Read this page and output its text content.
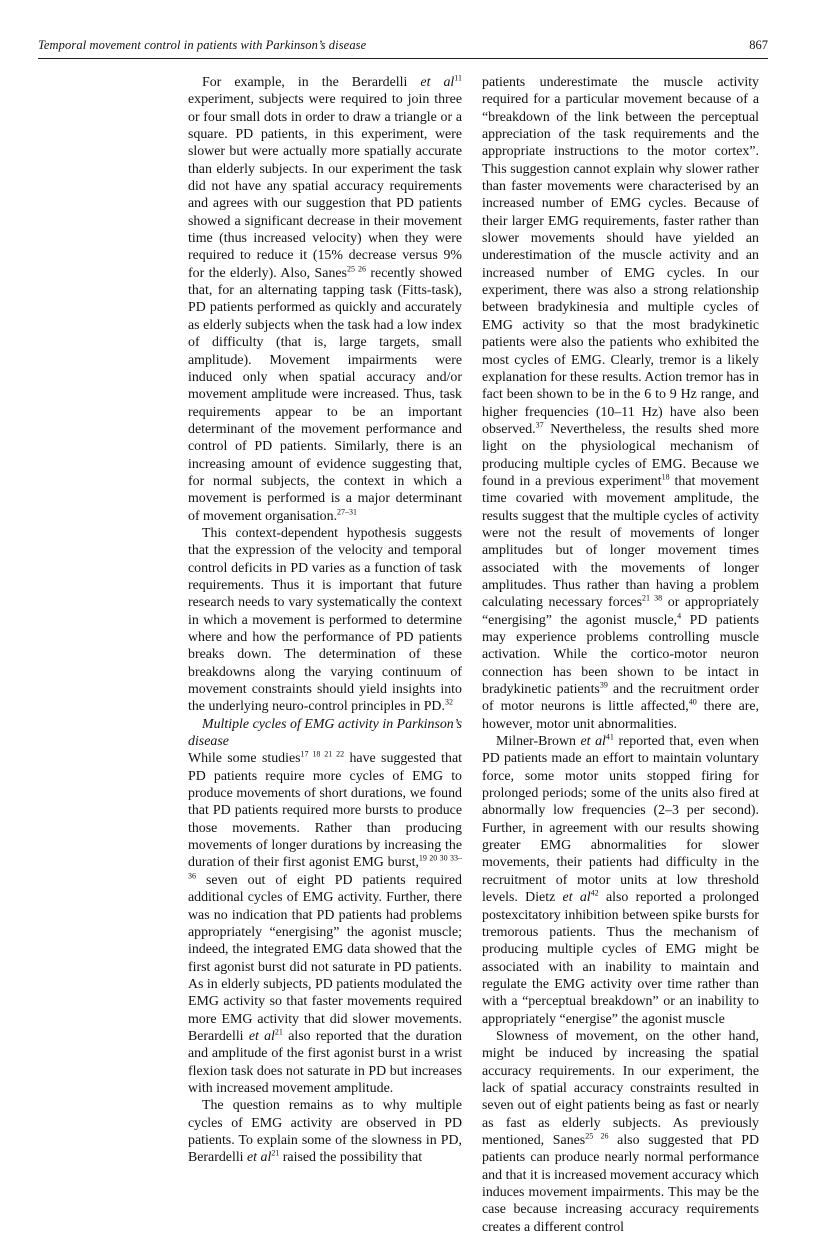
Temporal movement control in patients with Parkinson’s disease	867

For example, in the Berardelli et $al^{11}$ experiment, subjects were required to join three or four small dots in order to draw a triangle or a square. PD patients, in this experiment, were slower but were actually more spatially accurate than elderly subjects. In our experiment the task did not have any spatial accuracy requirements and agrees with our suggestion that PD patients showed a significant decrease in their movement time (thus increased velocity) when they were required to reduce it (15% decrease versus 9% for the elderly). Also, Sanes$^{25 26}$ recently showed that, for an alternating tapping task (Fitts-task), PD patients performed as quickly and accurately as elderly subjects when the task had a low index of difficulty (that is, large targets, small amplitude). Movement impairments were induced only when spatial accuracy and/or movement amplitude were increased. Thus, task requirements appear to be an important determinant of the movement performance and control of PD patients. Similarly, there is an increasing amount of evidence suggesting that, for normal subjects, the context in which a movement is performed is a major determinant of movement organisation.$^{27-31}$

This context-dependent hypothesis suggests that the expression of the velocity and temporal control deficits in PD varies as a function of task requirements. Thus it is important that future research needs to vary systematically the context in which a movement is performed to determine where and how the performance of PD patients breaks down. The determination of these breakdowns along the varying continuum of movement constraints should yield insights into the underlying neuro-control principles in PD.$^{32}$

Multiple cycles of EMG activity in Parkinson’s disease

While some studies$^{17 18 21 22}$ have suggested that PD patients require more cycles of EMG to produce movements of short durations, we found that PD patients required more bursts to produce those movements. Rather than producing movements of longer durations by increasing the duration of their first agonist EMG burst,$^{19 20 30 33-36}$ seven out of eight PD patients required additional cycles of EMG activity. Further, there was no indication that PD patients had problems appropriately “energising” the agonist muscle; indeed, the integrated EMG data showed that the first agonist burst did not saturate in PD patients. As in elderly subjects, PD patients modulated the EMG activity so that faster movements required more EMG activity that did slower movements. Berardelli et $al^{21}$ also reported that the duration and amplitude of the first agonist burst in a wrist flexion task does not saturate in PD but increases with increased movement amplitude.

The question remains as to why multiple cycles of EMG activity are observed in PD patients. To explain some of the slowness in PD, Berardelli et $al^{21}$ raised the possibility that

patients underestimate the muscle activity required for a particular movement because of a “breakdown of the link between the perceptual appreciation of the task requirements and the appropriate instructions to the motor cortex”. This suggestion cannot explain why slower rather than faster movements were characterised by an increased number of EMG cycles. Because of their larger EMG requirements, faster rather than slower movements should have yielded an underestimation of the muscle activity and an increased number of EMG cycles. In our experiment, there was also a strong relationship between bradykinesia and multiple cycles of EMG activity so that the most bradykinetic patients were also the patients who exhibited the most cycles of EMG. Clearly, tremor is a likely explanation for these results. Action tremor has in fact been shown to be in the 6 to 9 Hz range, and higher frequencies (10–11 Hz) have also been observed.$^{37}$ Nevertheless, the results shed more light on the physiological mechanism of producing multiple cycles of EMG. Because we found in a previous experiment$^{18}$ that movement time covaried with movement amplitude, the results suggest that the multiple cycles of activity were not the result of movements of longer amplitudes but of longer movement times associated with the movements of longer amplitudes. Thus rather than having a problem calculating necessary forces$^{21 38}$ or appropriately “energising” the agonist muscle,$^4$ PD patients may experience problems controlling muscle activation. While the cortico-motor neuron connection has been shown to be intact in bradykinetic patients$^{39}$ and the recruitment order of motor neurons is little affected,$^{40}$ there are, however, motor unit abnormalities.

Milner-Brown et $al^{41}$ reported that, even when PD patients made an effort to maintain voluntary force, some motor units stopped firing for prolonged periods; some of the units also fired at abnormally low frequencies (2–3 per second). Further, in agreement with our results showing greater EMG abnormalities for slower movements, their patients had difficulty in the recruitment of motor units at low threshold levels. Dietz et $al^{42}$ also reported a prolonged postexcitatory inhibition between spike bursts for tremorous patients. Thus the mechanism of producing multiple cycles of EMG might be associated with an inability to maintain and regulate the EMG activity over time rather than with a “perceptual breakdown” or an inability to appropriately “energise” the agonist muscle

Slowness of movement, on the other hand, might be induced by increasing the spatial accuracy requirements. In our experiment, the lack of spatial accuracy constraints resulted in seven out of eight patients being as fast or nearly as fast as elderly subjects. As previously mentioned, Sanes$^{25 26}$ also suggested that PD patients can produce nearly normal performance and that it is increased movement accuracy which induces movement impairments. This may be the case because increasing accuracy requirements creates a different control
